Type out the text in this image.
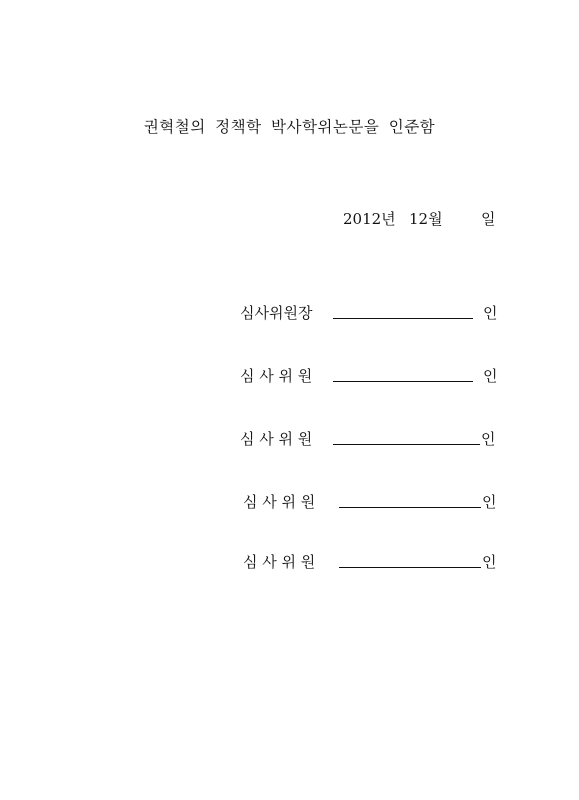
권혁철의 정책학 박사학위논문을 인준함
2012년 12월	일
심사위원장	인
심 사 위 원	인
심 사 위 원	인
심 사 위 원	인
심 사 위 원	인
